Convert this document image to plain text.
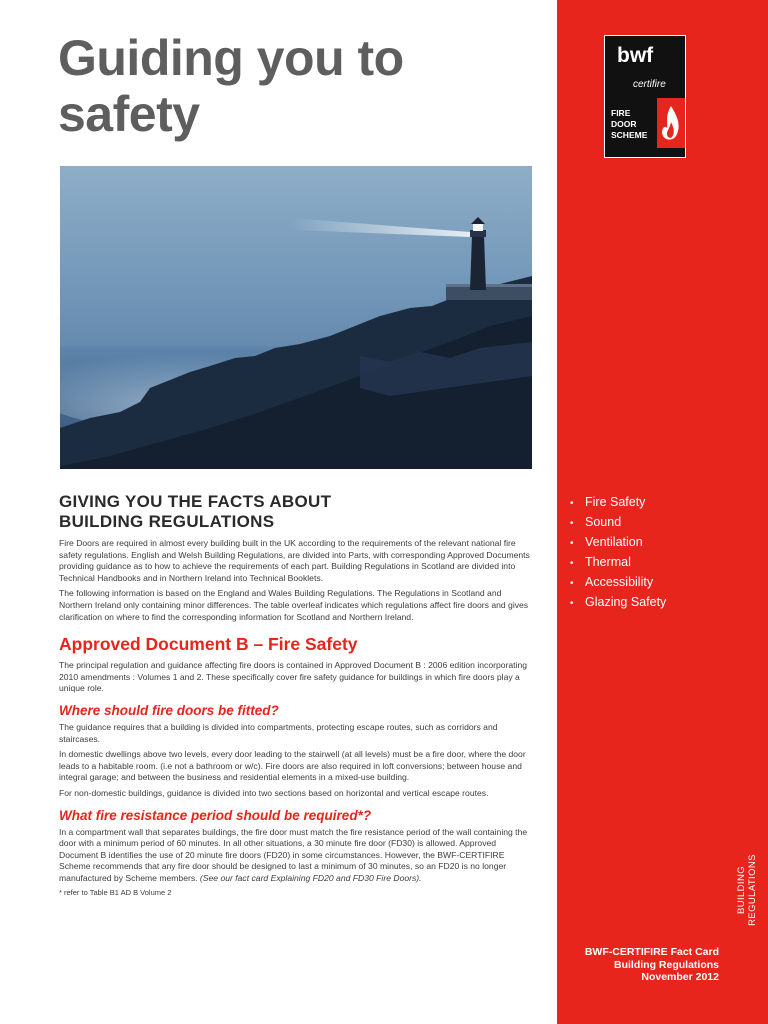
Guiding you to
safety
bwf
certifire
FIRE
DOOR
SCHEME
• Fire Safety
• Sound
• Ventilation
• Thermal
• Accessibility
• Glazing Safety
BUILDING REGULATIONS
BWF-CERTIFIRE Fact Card
Building Regulations
November 2012
GIVING YOU THE FACTS ABOUT
BUILDING REGULATIONS

Fire Doors are required in almost every building built in the UK according to the requirements of the relevant national fire safety regulations. English and Welsh Building Regulations, are divided into Parts, with corresponding Approved Documents providing guidance as to how to achieve the requirements of each part. Building Regulations in Scotland are divided into Technical Handbooks and in Northern Ireland into Technical Booklets.

The following information is based on the England and Wales Building Regulations. The Regulations in Scotland and Northern Ireland only containing minor differences. The table overleaf indicates which regulations affect fire doors and gives clarification on where to find the corresponding information for Scotland and Northern Ireland.

Approved Document B – Fire Safety

The principal regulation and guidance affecting fire doors is contained in Approved Document B : 2006 edition incorporating 2010 amendments : Volumes 1 and 2. These specifically cover fire safety guidance for buildings in which fire doors play a unique role.

Where should fire doors be fitted?

The guidance requires that a building is divided into compartments, protecting escape routes, such as corridors and staircases.

In domestic dwellings above two levels, every door leading to the stairwell (at all levels) must be a fire door, where the door leads to a habitable room. (i.e not a bathroom or w/c). Fire doors are also required in loft conversions; between house and integral garage; and between the business and residential elements in a mixed-use building.

For non-domestic buildings, guidance is divided into two sections based on horizontal and vertical escape routes.

What fire resistance period should be required*?

In a compartment wall that separates buildings, the fire door must match the fire resistance period of the wall containing the door with a minimum period of 60 minutes. In all other situations, a 30 minute fire door (FD30) is allowed. Approved Document B identifies the use of 20 minute fire doors (FD20) in some circumstances. However, the BWF-CERTIFIRE Scheme recommends that any fire door should be designed to last a minimum of 30 minutes, so an FD20 is no longer manufactured by Scheme members. (See our fact card Explaining FD20 and FD30 Fire Doors).

* refer to Table B1 AD B Volume 2
